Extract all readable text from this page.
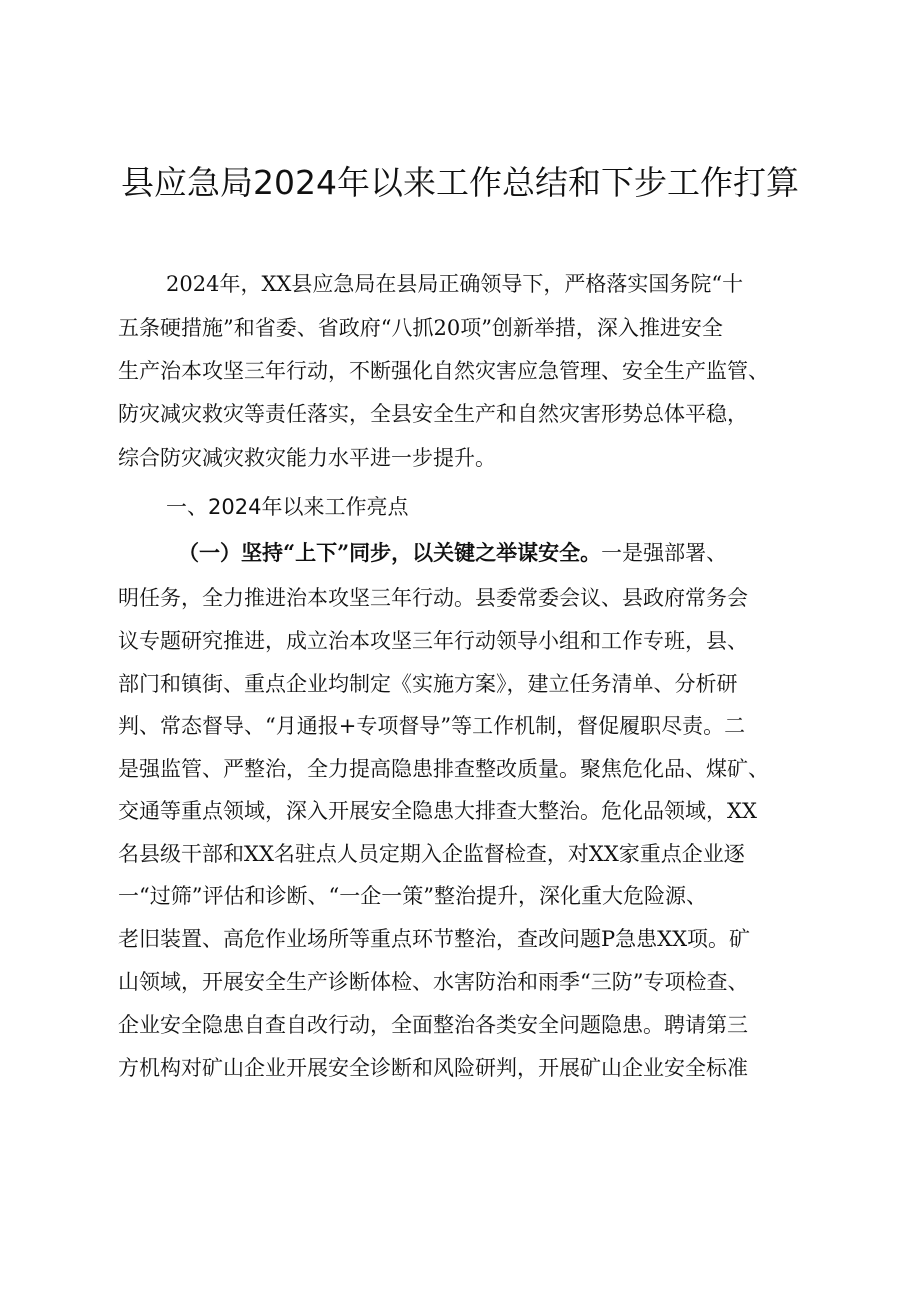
县应急局2024年以来工作总结和下步工作打算
2024年，XX县应急局在县局正确领导下，严格落实国务院“十
五条硬措施”和省委、省政府“八抓20项”创新举措，深入推进安全
生产治本攻坚三年行动，不断强化自然灾害应急管理、安全生产监管、
防灾减灾救灾等责任落实，全县安全生产和自然灾害形势总体平稳，
综合防灾减灾救灾能力水平进一步提升。
一、2024年以来工作亮点
（一）坚持“上下”同步，以关键之举谋安全。一是强部署、
明任务，全力推进治本攻坚三年行动。县委常委会议、县政府常务会
议专题研究推进，成立治本攻坚三年行动领导小组和工作专班，县、
部门和镇街、重点企业均制定《实施方案》，建立任务清单、分析研
判、常态督导、“月通报+专项督导”等工作机制，督促履职尽责。二
是强监管、严整治，全力提高隐患排查整改质量。聚焦危化品、煤矿、
交通等重点领域，深入开展安全隐患大排查大整治。危化品领域，XX
名县级干部和XX名驻点人员定期入企监督检查，对XX家重点企业逐
一“过筛”评估和诊断、“一企一策”整治提升，深化重大危险源、
老旧装置、高危作业场所等重点环节整治，查改问题P急患XX项。矿
山领域，开展安全生产诊断体检、水害防治和雨季“三防”专项检查、
企业安全隐患自查自改行动，全面整治各类安全问题隐患。聘请第三
方机构对矿山企业开展安全诊断和风险研判，开展矿山企业安全标准
